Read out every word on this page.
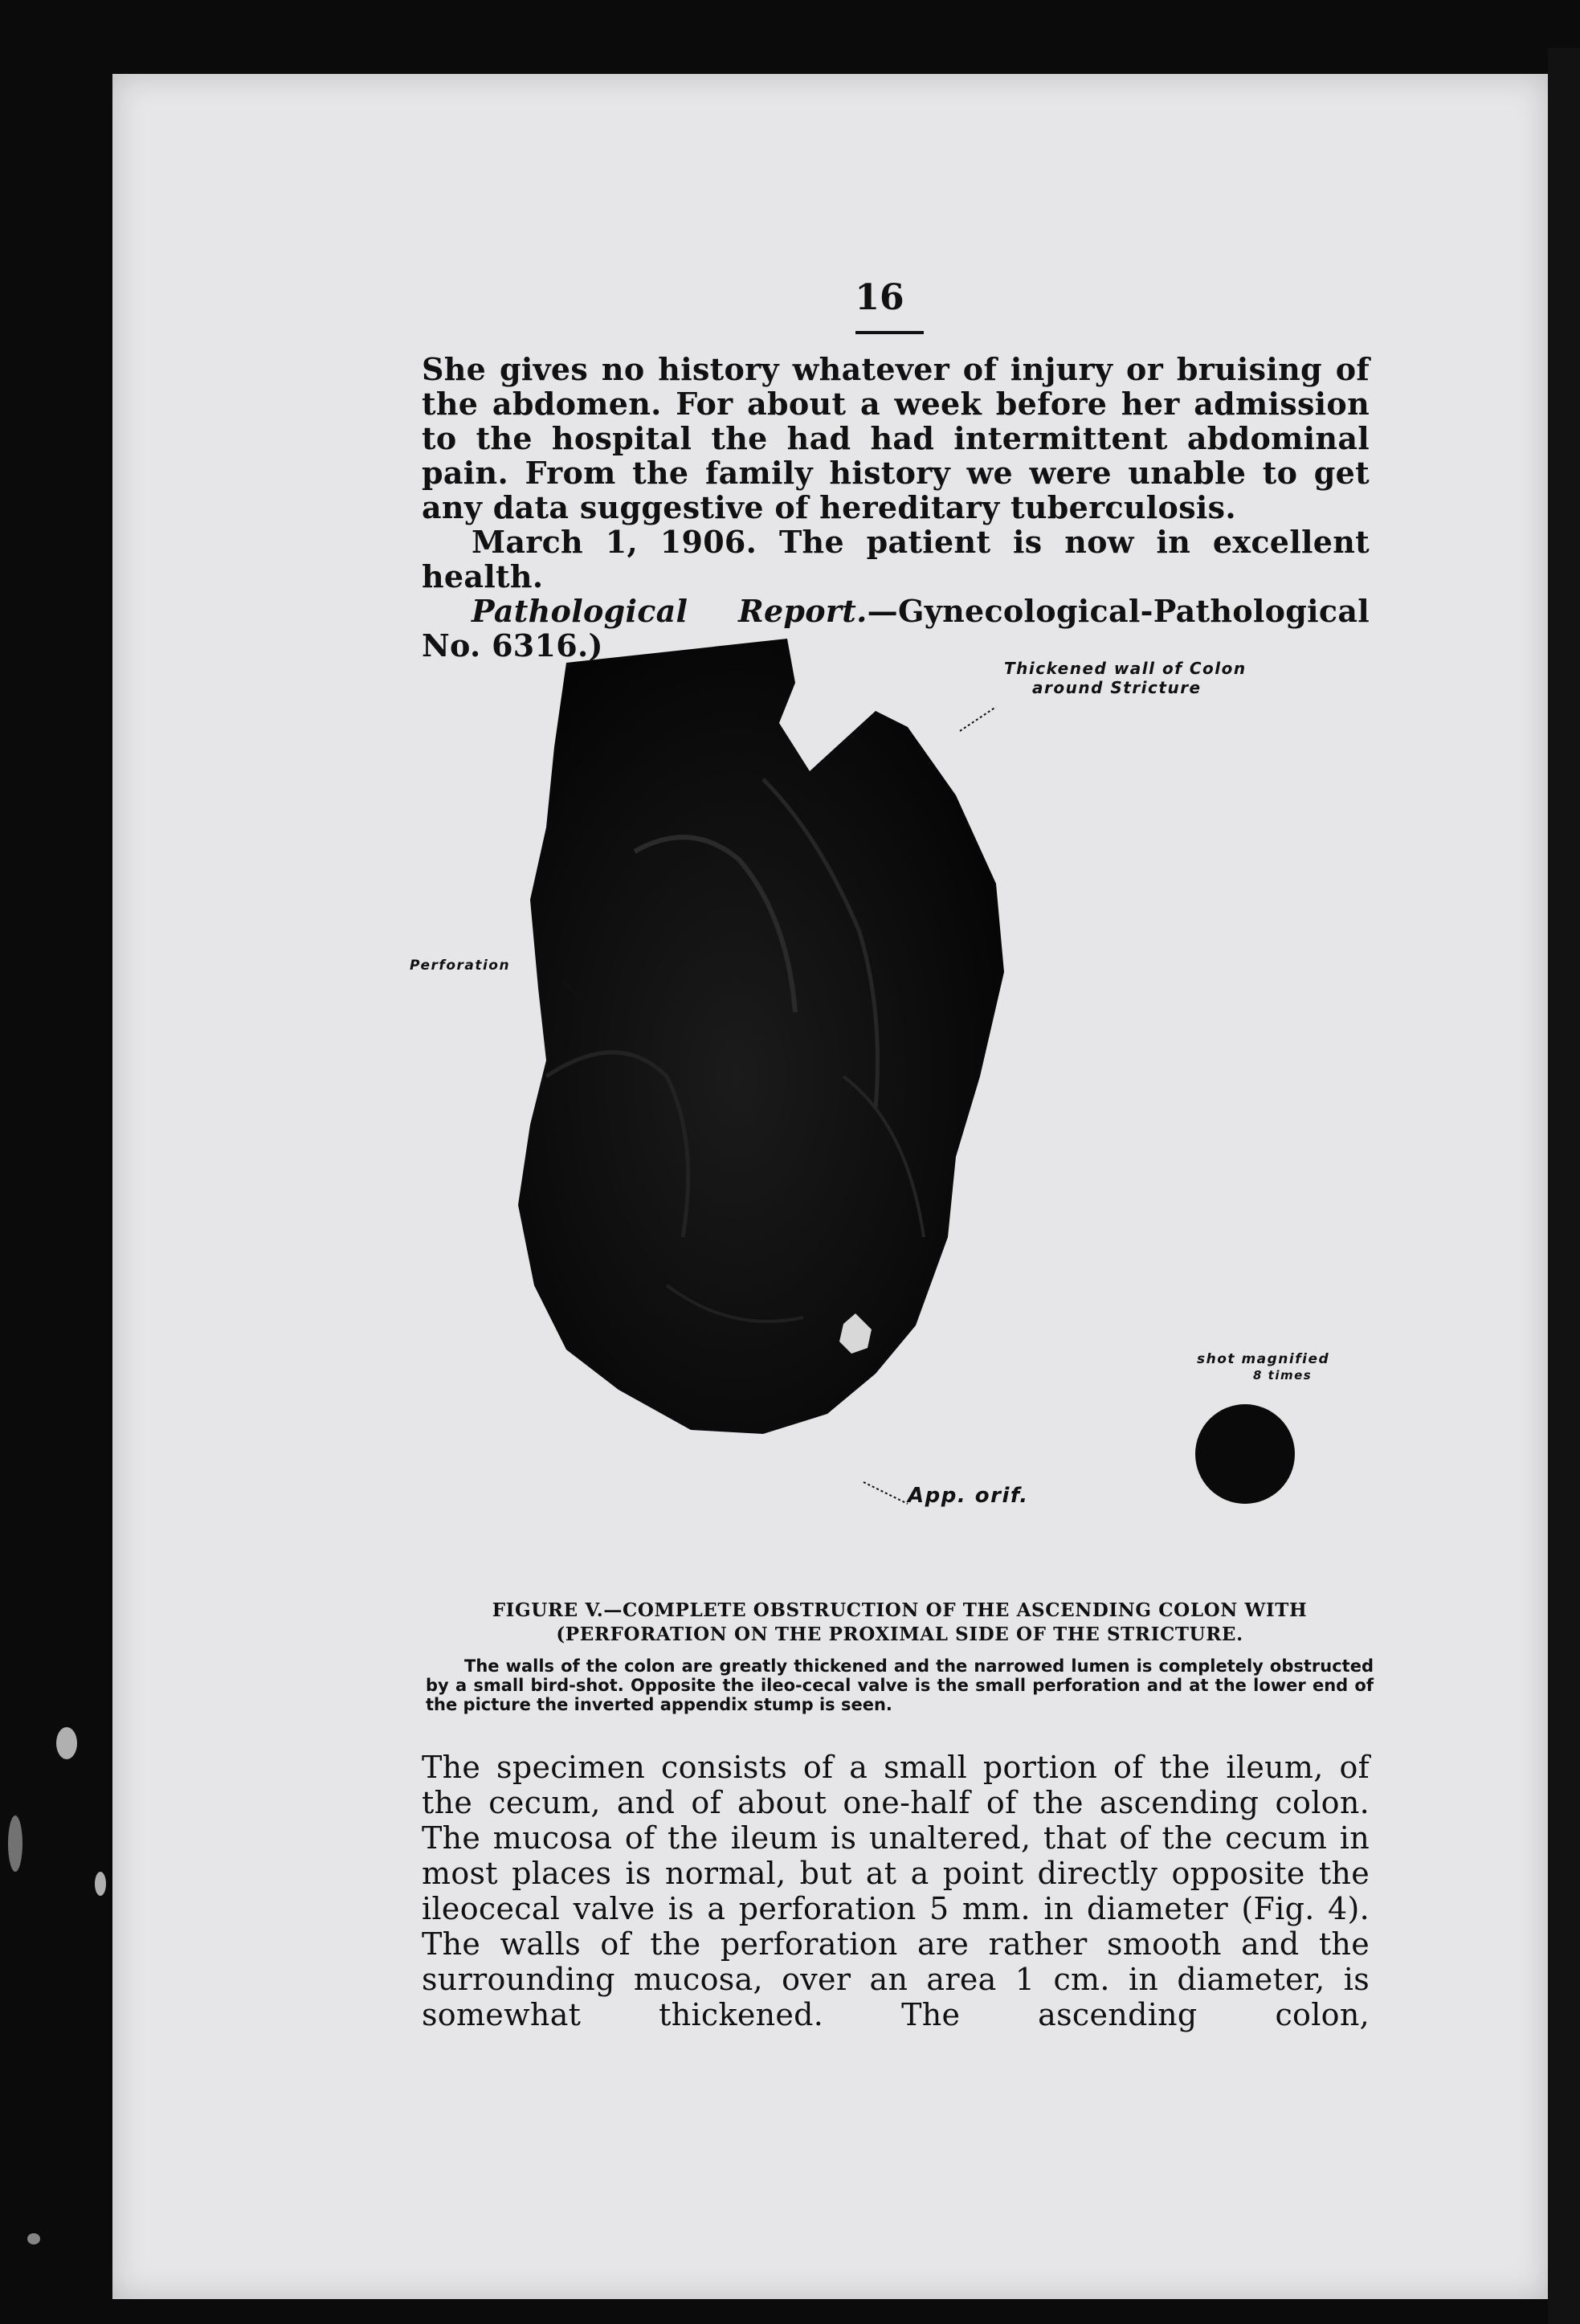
16

She gives no history whatever of injury or bruising of the abdomen. For about a week before her admission to the hospital the had had intermittent abdominal pain. From the family history we were unable to get any data suggestive of hereditary tuberculosis.

March 1, 1906. The patient is now in excellent health.

Pathological Report.—Gynecological-Pathological No. 6316.)

Thickened wall of Colon
around Stricture
Perforation
shot magnified
8 times
App. orif.
FIGURE V.—COMPLETE OBSTRUCTION OF THE ASCENDING COLON WITH
(PERFORATION ON THE PROXIMAL SIDE OF THE STRICTURE.
The walls of the colon are greatly thickened and the narrowed lumen is completely obstructed by a small bird-shot. Opposite the ileo-cecal valve is the small perforation and at the lower end of the picture the inverted appendix stump is seen.

The specimen consists of a small portion of the ileum, of the cecum, and of about one-half of the ascending colon. The mucosa of the ileum is unaltered, that of the cecum in most places is normal, but at a point directly opposite the ileocecal valve is a perforation 5 mm. in diameter (Fig. 4). The walls of the perforation are rather smooth and the surrounding mucosa, over an area 1 cm. in diameter, is somewhat thickened. The ascending colon,
